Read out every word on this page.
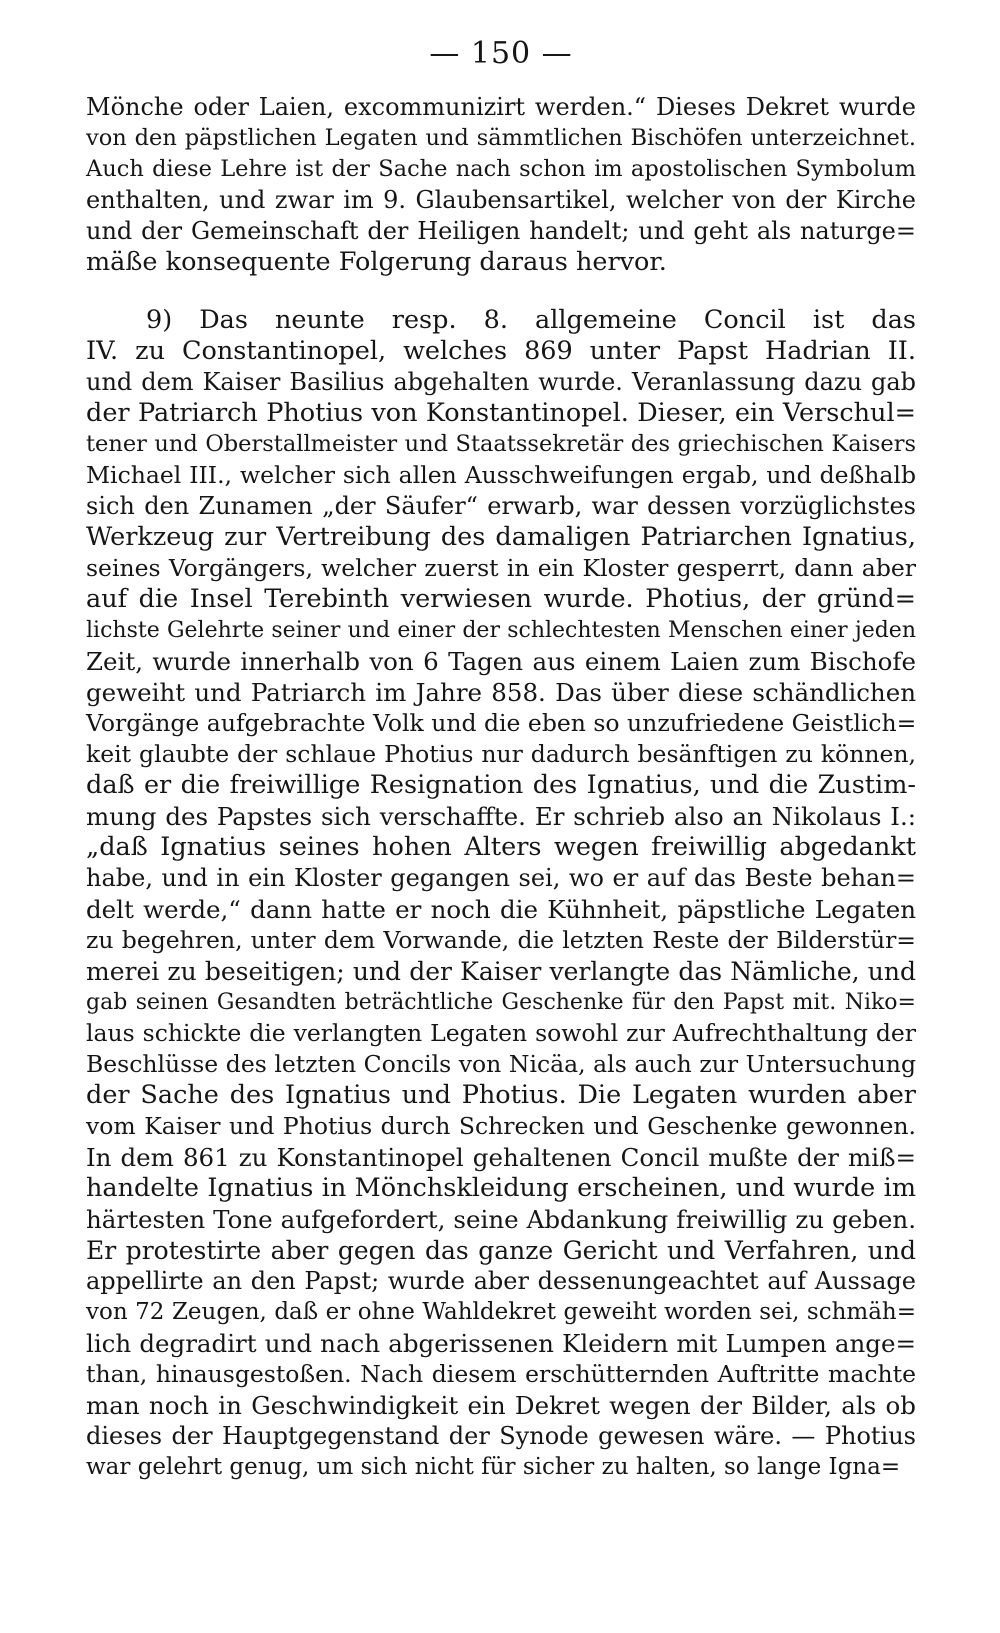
— 150 —
Mönche oder Laien, excommunizirt werden.“ Dieses Dekret wurde
von den päpstlichen Legaten und sämmtlichen Bischöfen unterzeichnet.
Auch diese Lehre ist der Sache nach schon im apostolischen Symbolum
enthalten, und zwar im 9. Glaubensartikel, welcher von der Kirche
und der Gemeinschaft der Heiligen handelt; und geht als naturge=
mäße konsequente Folgerung daraus hervor.
9) Das neunte resp. 8. allgemeine Concil ist das
IV. zu Constantinopel, welches 869 unter Papst Hadrian II.
und dem Kaiser Basilius abgehalten wurde. Veranlassung dazu gab
der Patriarch Photius von Konstantinopel. Dieser, ein Verschul=
tener und Oberstallmeister und Staatssekretär des griechischen Kaisers
Michael III., welcher sich allen Ausschweifungen ergab, und deßhalb
sich den Zunamen „der Säufer“ erwarb, war dessen vorzüglichstes
Werkzeug zur Vertreibung des damaligen Patriarchen Ignatius,
seines Vorgängers, welcher zuerst in ein Kloster gesperrt, dann aber
auf die Insel Terebinth verwiesen wurde. Photius, der gründ=
lichste Gelehrte seiner und einer der schlechtesten Menschen einer jeden
Zeit, wurde innerhalb von 6 Tagen aus einem Laien zum Bischofe
geweiht und Patriarch im Jahre 858. Das über diese schändlichen
Vorgänge aufgebrachte Volk und die eben so unzufriedene Geistlich=
keit glaubte der schlaue Photius nur dadurch besänftigen zu können,
daß er die freiwillige Resignation des Ignatius, und die Zustim-
mung des Papstes sich verschaffte. Er schrieb also an Nikolaus I.:
„daß Ignatius seines hohen Alters wegen freiwillig abgedankt
habe, und in ein Kloster gegangen sei, wo er auf das Beste behan=
delt werde,“ dann hatte er noch die Kühnheit, päpstliche Legaten
zu begehren, unter dem Vorwande, die letzten Reste der Bilderstür=
merei zu beseitigen; und der Kaiser verlangte das Nämliche, und
gab seinen Gesandten beträchtliche Geschenke für den Papst mit. Niko=
laus schickte die verlangten Legaten sowohl zur Aufrechthaltung der
Beschlüsse des letzten Concils von Nicäa, als auch zur Untersuchung
der Sache des Ignatius und Photius. Die Legaten wurden aber
vom Kaiser und Photius durch Schrecken und Geschenke gewonnen.
In dem 861 zu Konstantinopel gehaltenen Concil mußte der miß=
handelte Ignatius in Mönchskleidung erscheinen, und wurde im
härtesten Tone aufgefordert, seine Abdankung freiwillig zu geben.
Er protestirte aber gegen das ganze Gericht und Verfahren, und
appellirte an den Papst; wurde aber dessenungeachtet auf Aussage
von 72 Zeugen, daß er ohne Wahldekret geweiht worden sei, schmäh=
lich degradirt und nach abgerissenen Kleidern mit Lumpen ange=
than, hinausgestoßen. Nach diesem erschütternden Auftritte machte
man noch in Geschwindigkeit ein Dekret wegen der Bilder, als ob
dieses der Hauptgegenstand der Synode gewesen wäre. — Photius
war gelehrt genug, um sich nicht für sicher zu halten, so lange Igna=
